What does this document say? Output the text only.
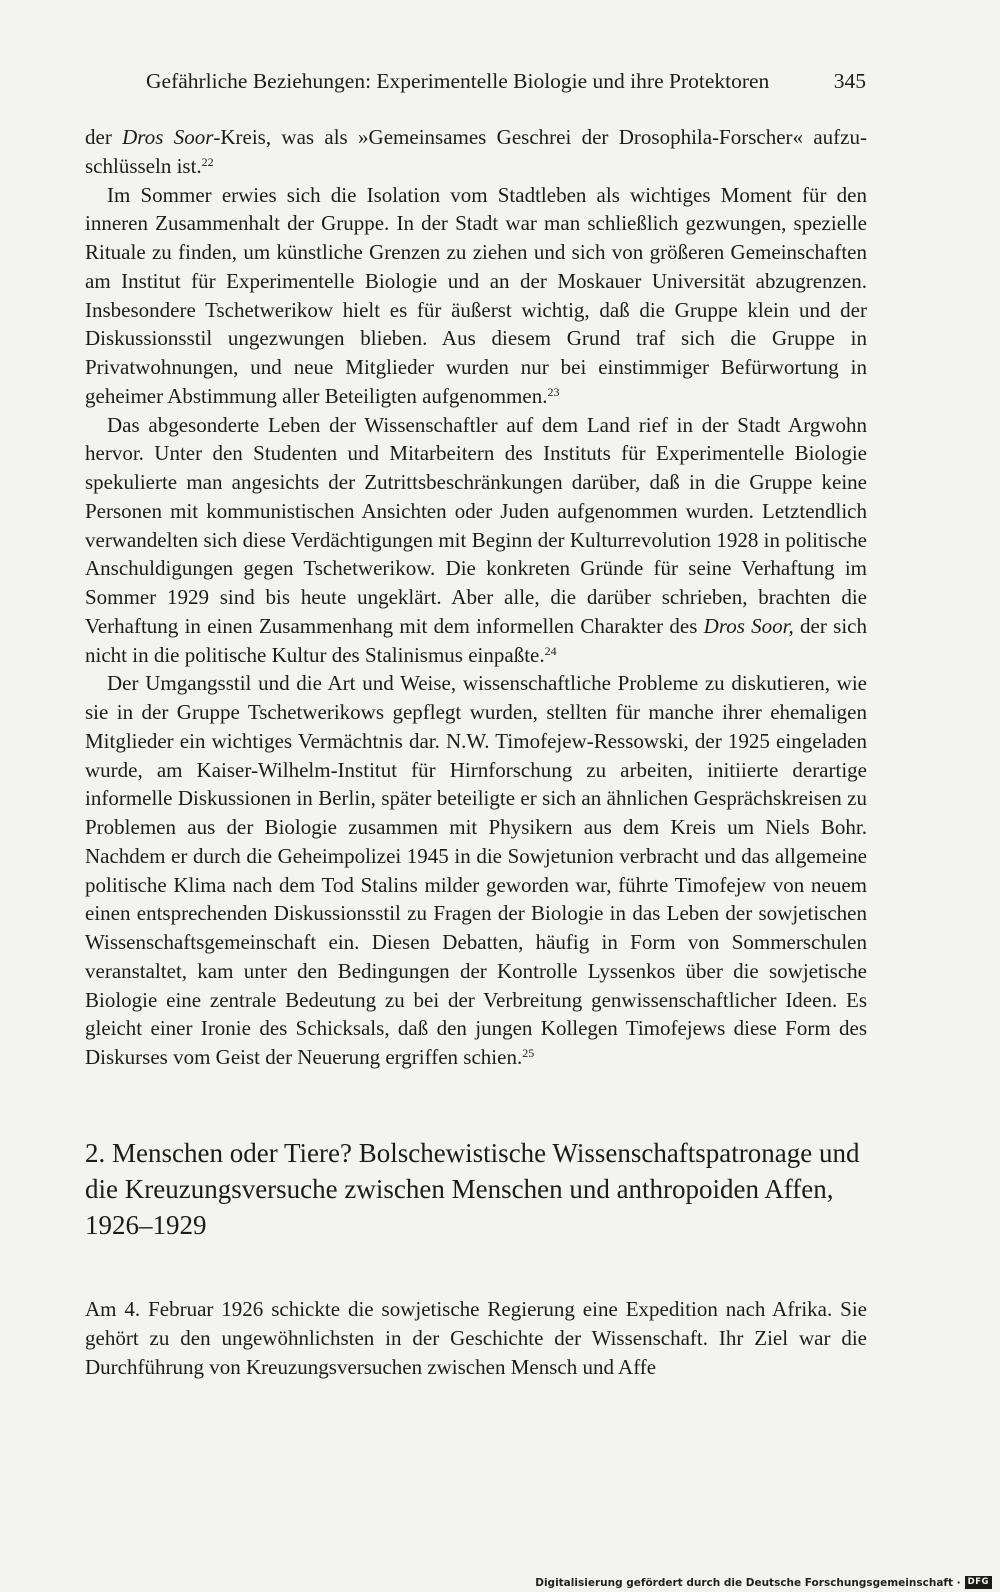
Gefährliche Beziehungen: Experimentelle Biologie und ihre Protektoren	345

der Dros Soor-Kreis, was als »Gemeinsames Geschrei der Drosophila-Forscher« aufzuschlüsseln ist.$^{22}$

Im Sommer erwies sich die Isolation vom Stadtleben als wichtiges Moment für den inneren Zusammenhalt der Gruppe. In der Stadt war man schließlich gezwungen, spezielle Rituale zu finden, um künstliche Grenzen zu ziehen und sich von größeren Gemeinschaften am Institut für Experimentelle Biologie und an der Moskauer Universität abzugrenzen. Insbesondere Tschetwerikow hielt es für äußerst wichtig, daß die Gruppe klein und der Diskussionsstil ungezwungen blieben. Aus diesem Grund traf sich die Gruppe in Privatwohnungen, und neue Mitglieder wurden nur bei einstimmiger Befürwortung in geheimer Abstimmung aller Beteiligten aufgenommen.$^{23}$

Das abgesonderte Leben der Wissenschaftler auf dem Land rief in der Stadt Argwohn hervor. Unter den Studenten und Mitarbeitern des Instituts für Experimentelle Biologie spekulierte man angesichts der Zutrittsbeschränkungen darüber, daß in die Gruppe keine Personen mit kommunistischen Ansichten oder Juden aufgenommen wurden. Letztendlich verwandelten sich diese Verdächtigungen mit Beginn der Kulturrevolution 1928 in politische Anschuldigungen gegen Tschetwerikow. Die konkreten Gründe für seine Verhaftung im Sommer 1929 sind bis heute ungeklärt. Aber alle, die darüber schrieben, brachten die Verhaftung in einen Zusammenhang mit dem informellen Charakter des Dros Soor, der sich nicht in die politische Kultur des Stalinismus einpaßte.$^{24}$

Der Umgangsstil und die Art und Weise, wissenschaftliche Probleme zu diskutieren, wie sie in der Gruppe Tschetwerikows gepflegt wurden, stellten für manche ihrer ehemaligen Mitglieder ein wichtiges Vermächtnis dar. N.W. Timofejew-Ressowski, der 1925 eingeladen wurde, am Kaiser-Wilhelm-Institut für Hirnforschung zu arbeiten, initiierte derartige informelle Diskussionen in Berlin, später beteiligte er sich an ähnlichen Gesprächskreisen zu Problemen aus der Biologie zusammen mit Physikern aus dem Kreis um Niels Bohr. Nachdem er durch die Geheimpolizei 1945 in die Sowjetunion verbracht und das allgemeine politische Klima nach dem Tod Stalins milder geworden war, führte Timofejew von neuem einen entsprechenden Diskussionsstil zu Fragen der Biologie in das Leben der sowjetischen Wissenschaftsgemeinschaft ein. Diesen Debatten, häufig in Form von Sommerschulen veranstaltet, kam unter den Bedingungen der Kontrolle Lyssenkos über die sowjetische Biologie eine zentrale Bedeutung zu bei der Verbreitung genwissenschaftlicher Ideen. Es gleicht einer Ironie des Schicksals, daß den jungen Kollegen Timofejews diese Form des Diskurses vom Geist der Neuerung ergriffen schien.$^{25}$

2. Menschen oder Tiere? Bolschewistische Wissenschaftspatronage und die Kreuzungsversuche zwischen Menschen und anthropoiden Affen, 1926–1929

Am 4. Februar 1926 schickte die sowjetische Regierung eine Expedition nach Afrika. Sie gehört zu den ungewöhnlichsten in der Geschichte der Wissenschaft. Ihr Ziel war die Durchführung von Kreuzungsversuchen zwischen Mensch und Affe

Digitalisierung gefördert durch die Deutsche Forschungsgemeinschaft · DFG
